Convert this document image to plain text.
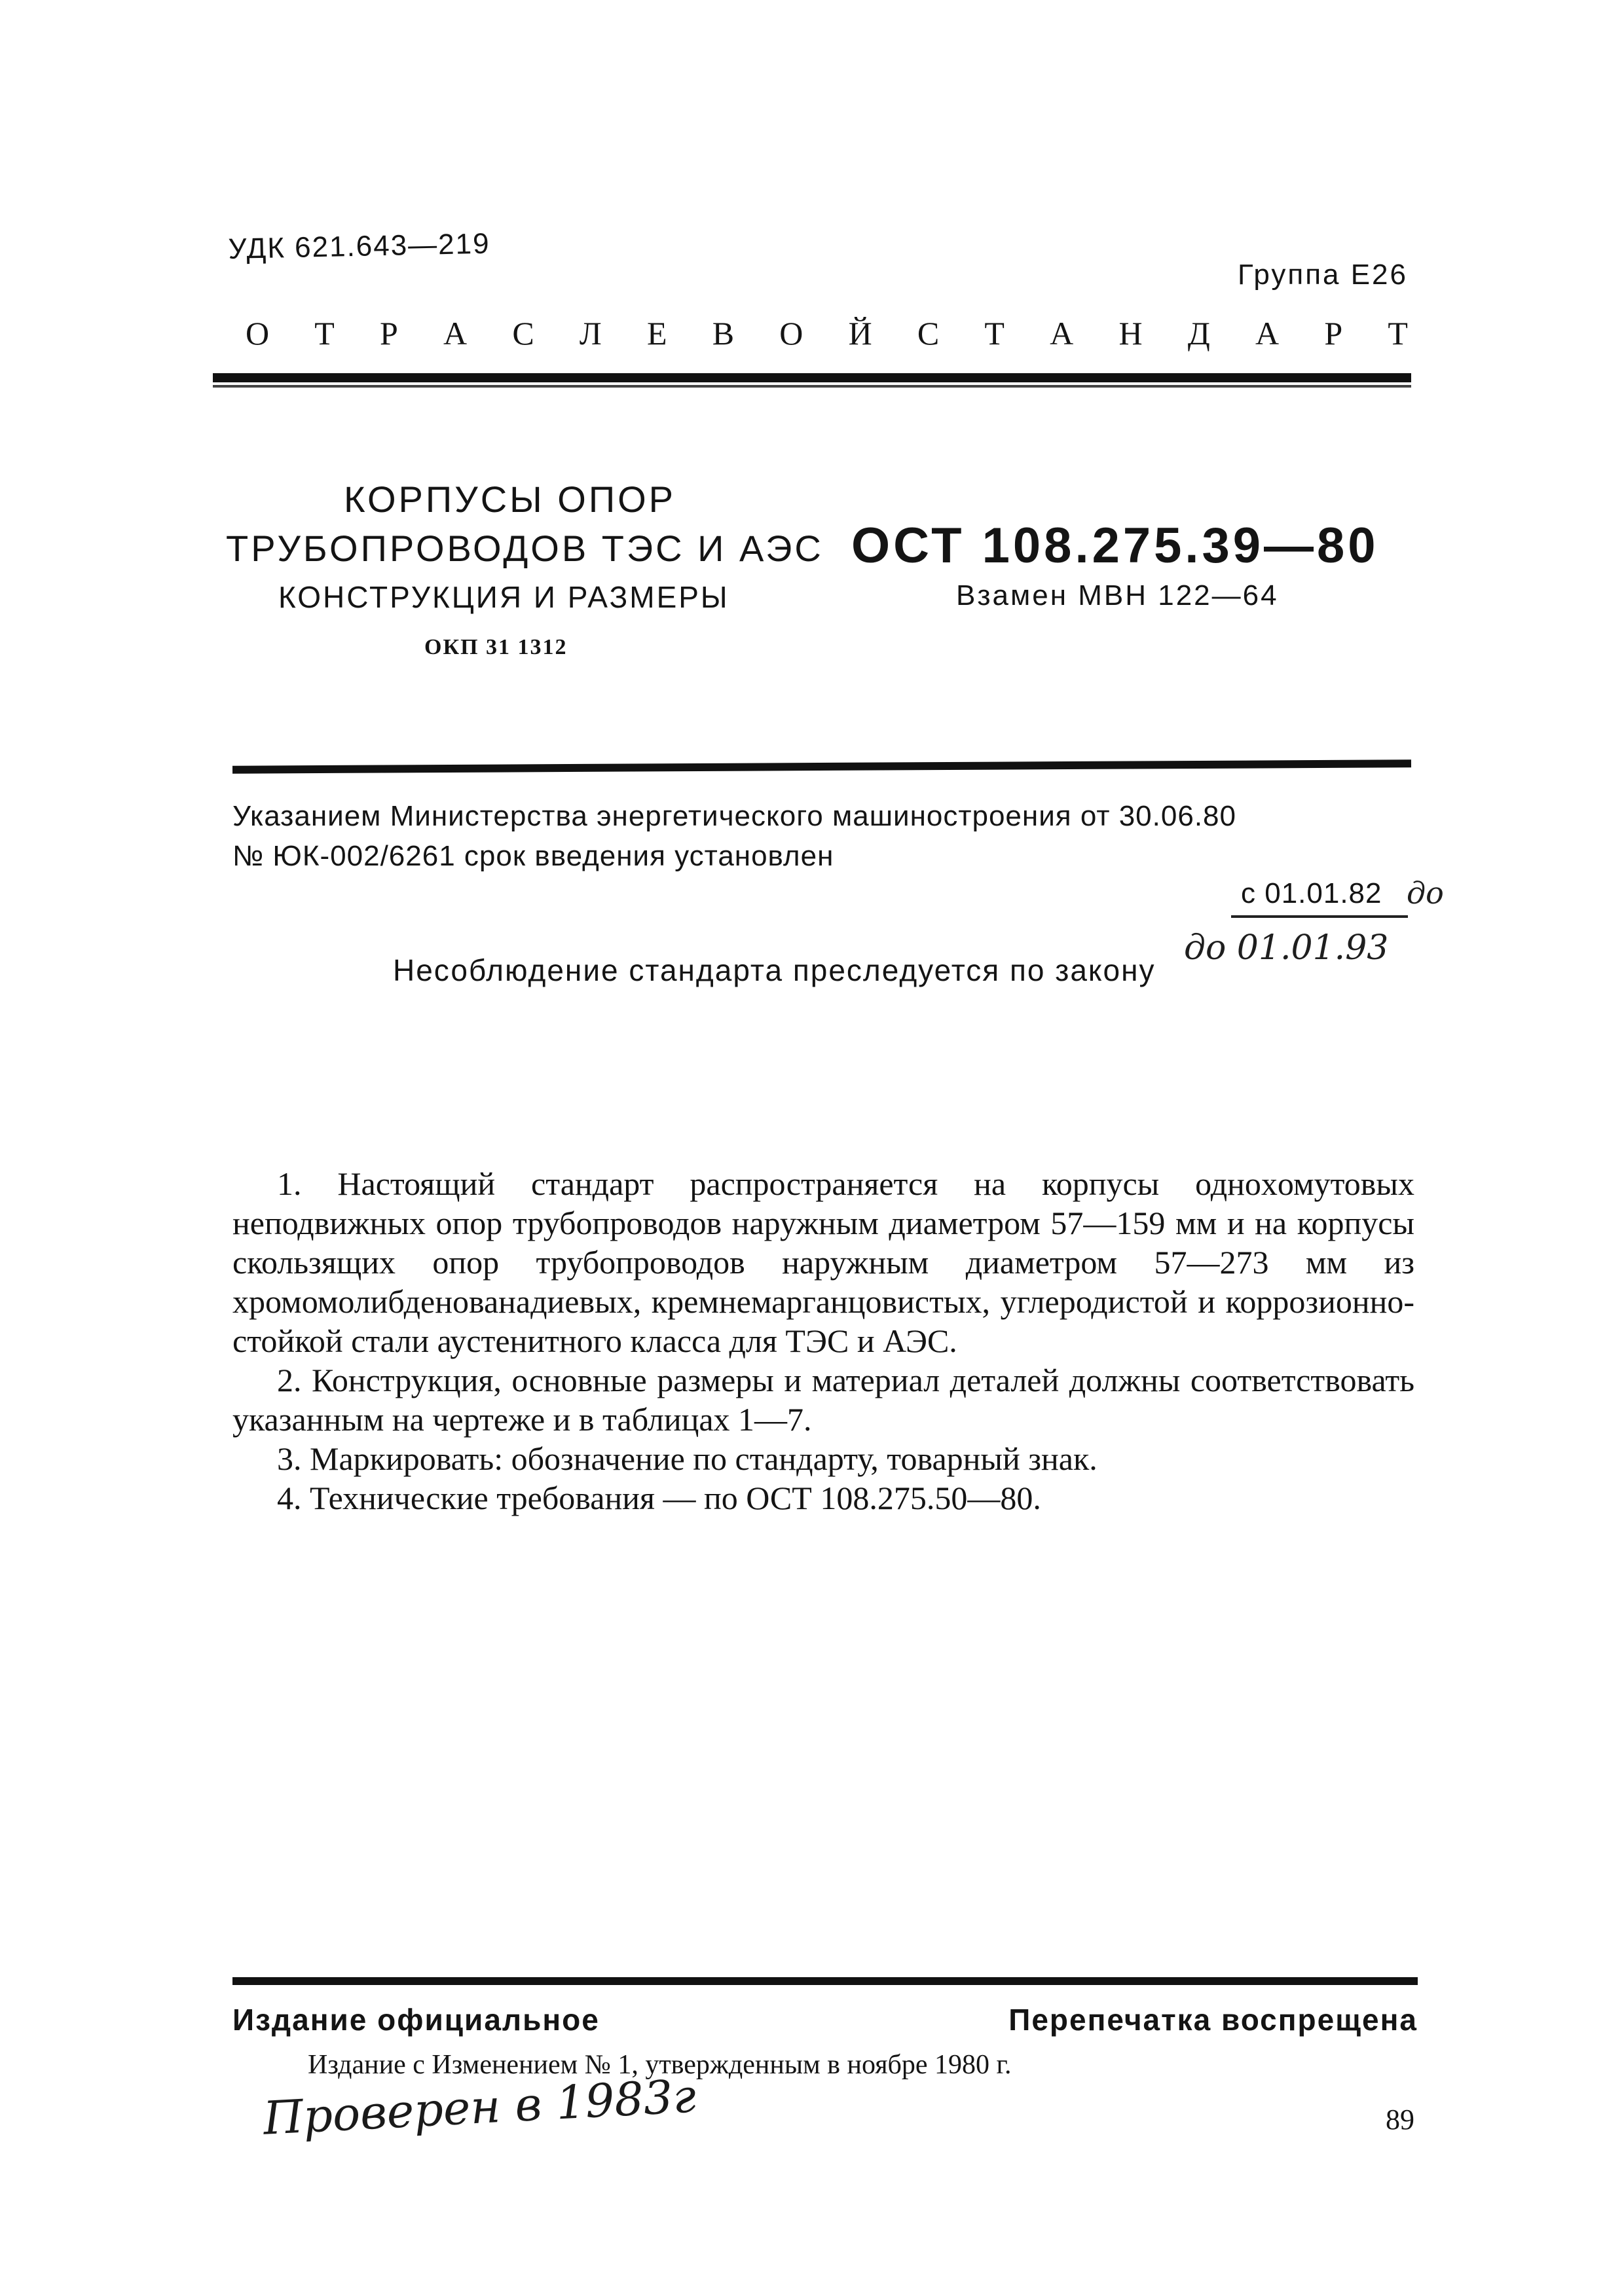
УДК 621.643—219
Группа Е26
О Т Р А С Л Е В О Й С Т А Н Д А Р Т
КОРПУСЫ ОПОР
ТРУБОПРОВОДОВ ТЭС И АЭС
КОНСТРУКЦИЯ И РАЗМЕРЫ
ОКП 31 1312
ОСТ 108.275.39—80
Взамен МВН 122—64
Указанием Министерства энергетического машиностроения от 30.06.80
№ ЮК-002/6261 срок введения установлен
с 01.01.82 до
до 01.01.93
Несоблюдение стандарта преследуется по закону

1. Настоящий стандарт распространяется на корпусы одноxомутовых неподвижных опор трубопроводов наружным диаметром 57—159 мм и на корпусы скользящих опор трубопроводов наружным диаметром 57—273 мм из хромомолибденованадиевых, кремнемарганцовистых, углеродистой и коррозионно-стойкой стали аустенитного класса для ТЭС и АЭС.

2. Конструкция, основные размеры и материал деталей должны соответствовать указанным на чертеже и в таблицах 1—7.

3. Маркировать: обозначение по стандарту, товарный знак.

4. Технические требования — по ОСТ 108.275.50—80.

Издание официальное	Перепечатка воспрещена
Издание с Изменением № 1, утвержденным в ноябре 1980 г.
89
Проверен в 1983г
